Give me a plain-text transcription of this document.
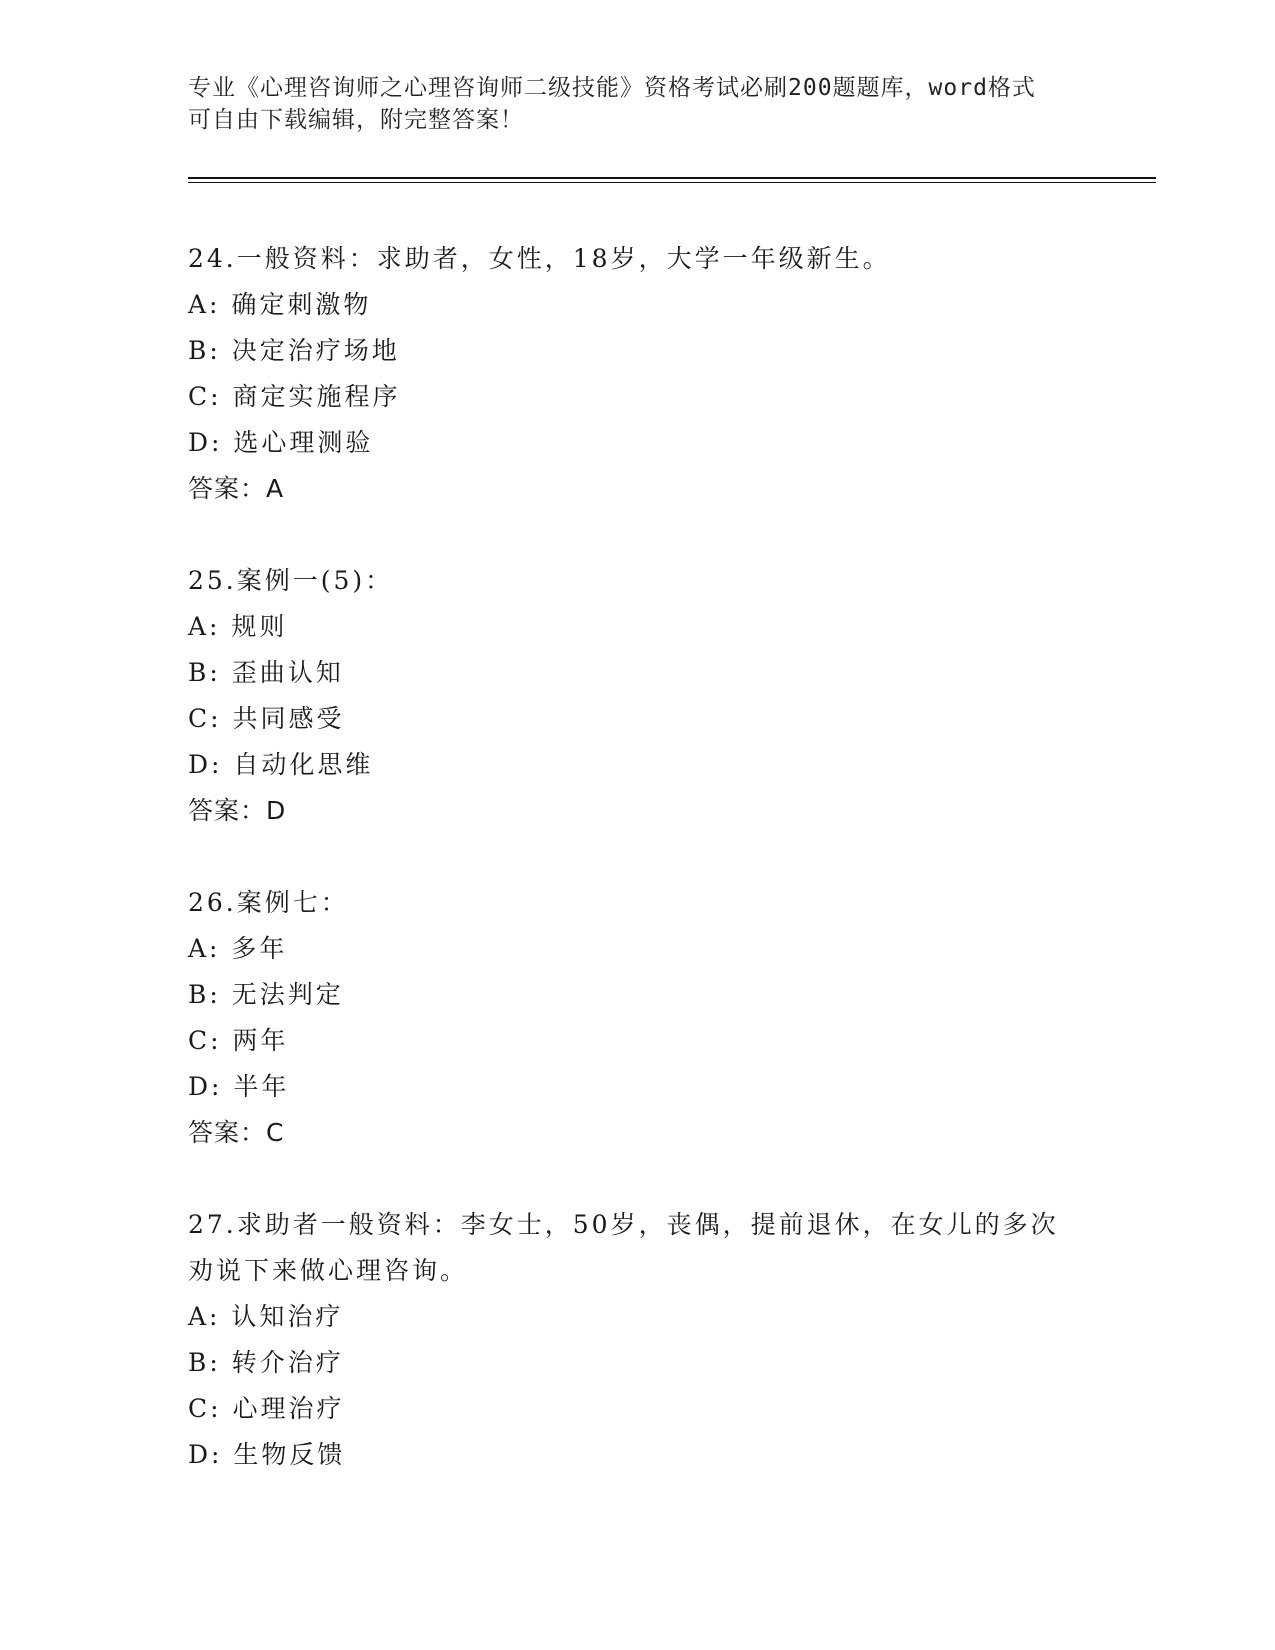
专业《心理咨询师之心理咨询师二级技能》资格考试必刷200题题库，word格式
可自由下载编辑，附完整答案！
24.一般资料：求助者，女性，18岁，大学一年级新生。
A: 确定刺激物
B: 决定治疗场地
C: 商定实施程序
D: 选心理测验
答案：A
25.案例一(5)：
A: 规则
B: 歪曲认知
C: 共同感受
D: 自动化思维
答案：D
26.案例七：
A: 多年
B: 无法判定
C: 两年
D: 半年
答案：C
27.求助者一般资料：李女士，50岁，丧偶，提前退休，在女儿的多次
劝说下来做心理咨询。
A: 认知治疗
B: 转介治疗
C: 心理治疗
D: 生物反馈
